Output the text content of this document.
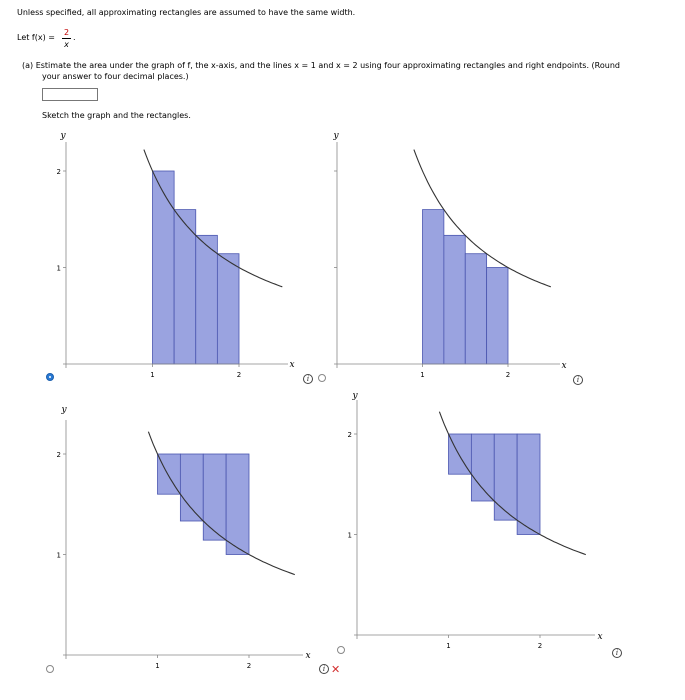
Unless specified, all approximating rectangles are assumed to have the same width.
Let f(x) =
2
x
.
(a) Estimate the area under the graph of f, the x-axis, and the lines x = 1 and x = 2 using four approximating rectangles and right endpoints. (Round
your answer to four decimal places.)
Sketch the graph and the rectangles.
1	2
1
2
x
y
1	2
x
y
1	2
1
2
x
y
1	2
1
2
x
y
i	i
i
i
✕
